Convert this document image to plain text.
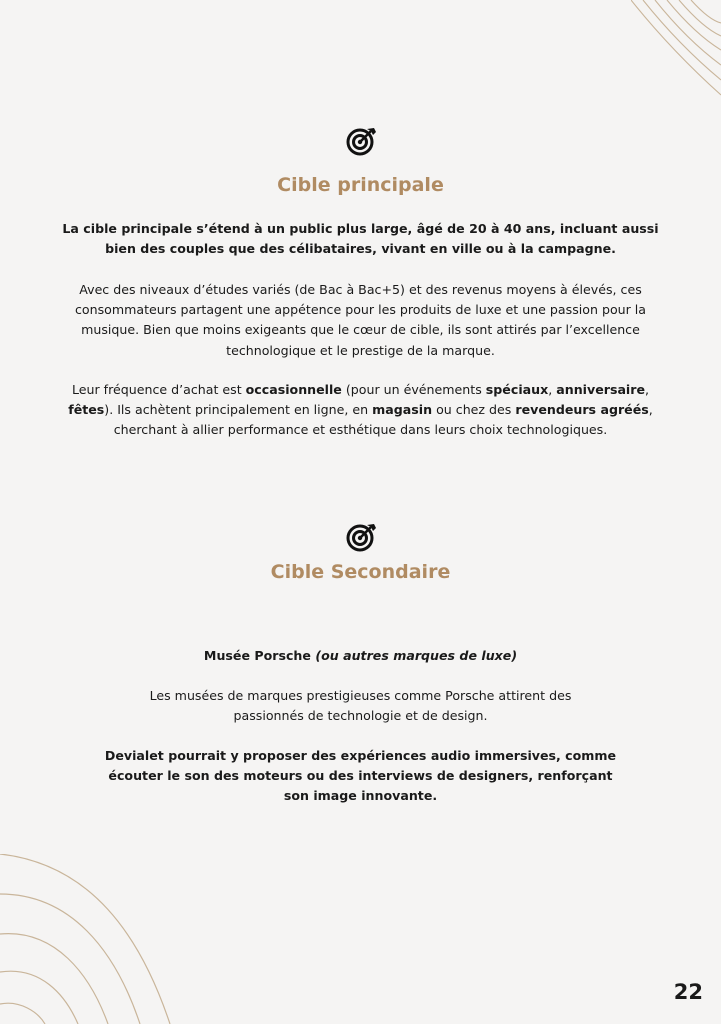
Cible principale

La cible principale s’étend à un public plus large, âgé de 20 à 40 ans, incluant aussi bien des couples que des célibataires, vivant en ville ou à la campagne.

Avec des niveaux d’études variés (de Bac à Bac+5) et des revenus moyens à élevés, ces consommateurs partagent une appétence pour les produits de luxe et une passion pour la musique. Bien que moins exigeants que le cœur de cible, ils sont attirés par l’excellence technologique et le prestige de la marque.

Leur fréquence d’achat est occasionnelle (pour un événements spéciaux, anniversaire, fêtes). Ils achètent principalement en ligne, en magasin ou chez des revendeurs agréés, cherchant à allier performance et esthétique dans leurs choix technologiques.

Cible Secondaire

Musée Porsche (ou autres marques de luxe)

Les musées de marques prestigieuses comme Porsche attirent des passionnés de technologie et de design.

Devialet pourrait y proposer des expériences audio immersives, comme écouter le son des moteurs ou des interviews de designers, renforçant son image innovante.

22
